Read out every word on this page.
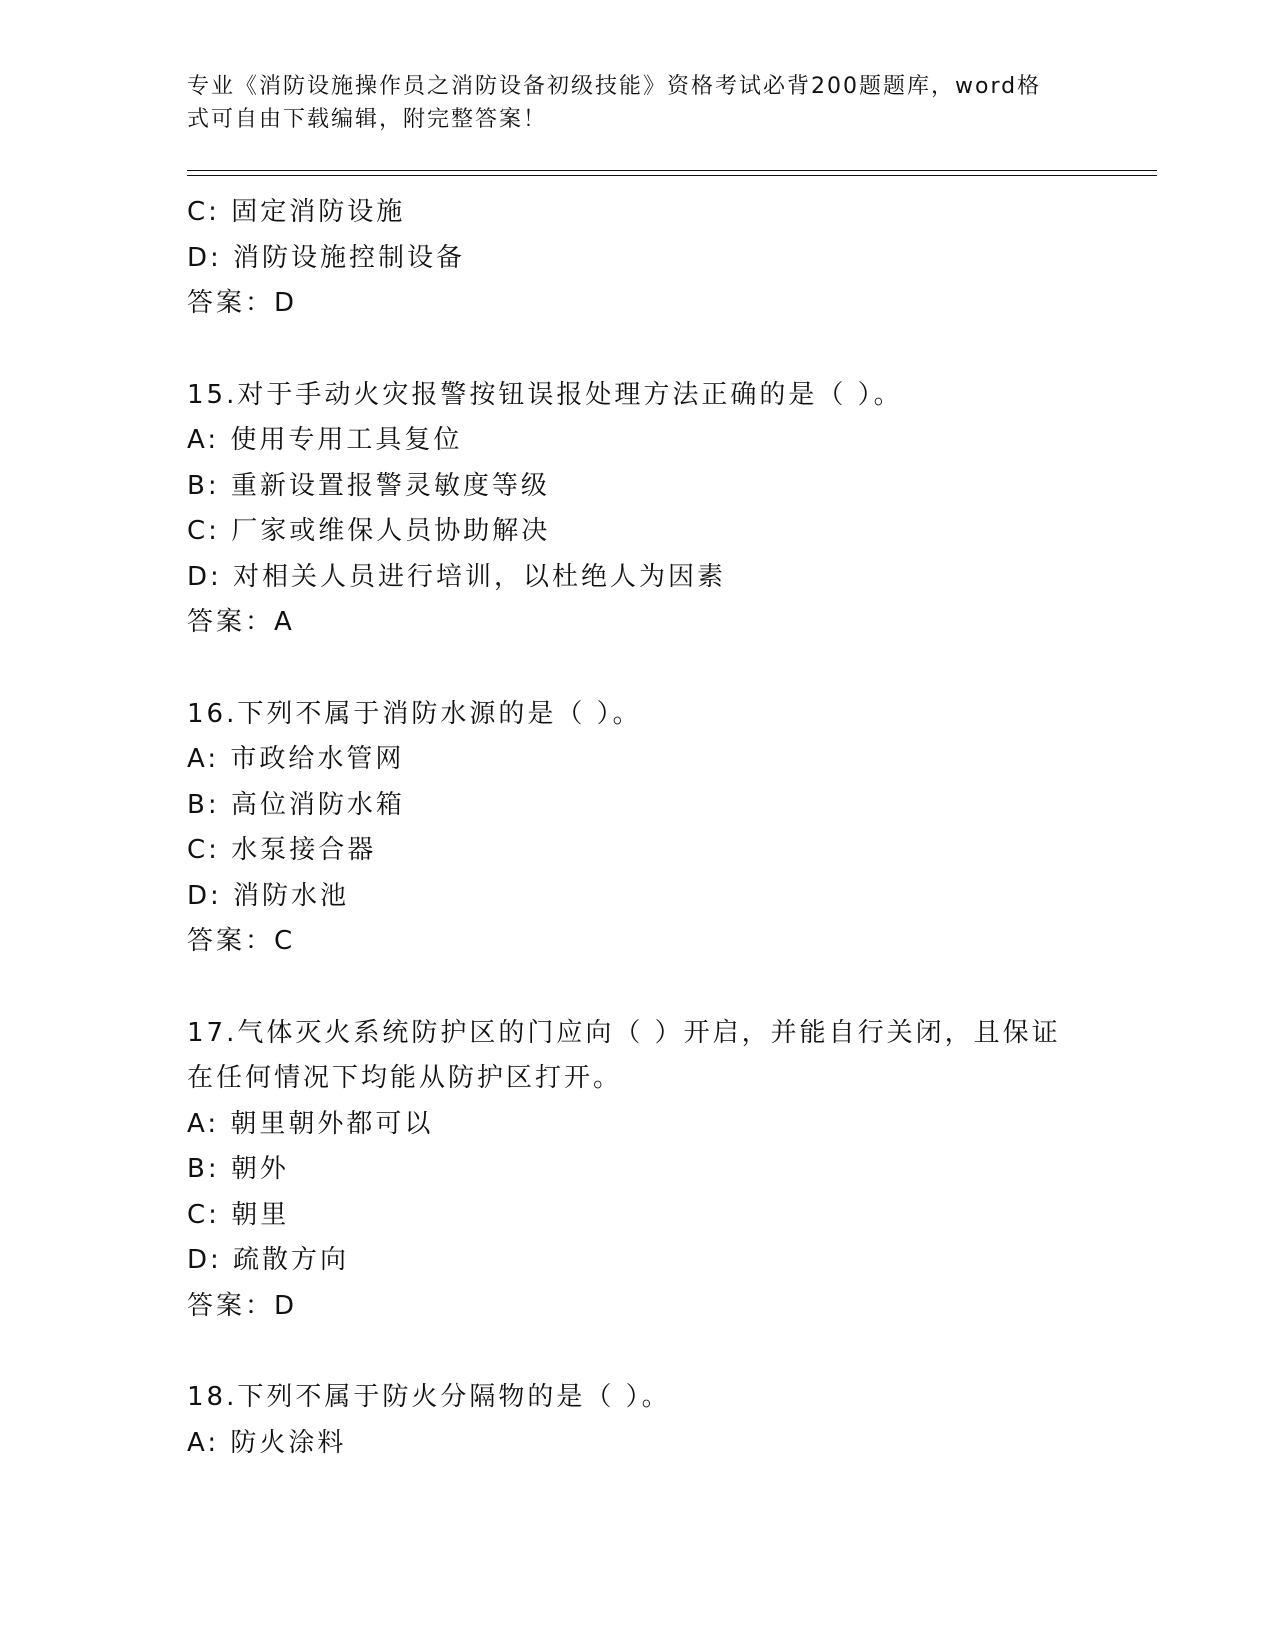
专业《消防设施操作员之消防设备初级技能》资格考试必背200题题库，word格
式可自由下载编辑，附完整答案！
C: 固定消防设施
D: 消防设施控制设备
答案：D
15.对于手动火灾报警按钮误报处理方法正确的是（ ）。
A: 使用专用工具复位
B: 重新设置报警灵敏度等级
C: 厂家或维保人员协助解决
D: 对相关人员进行培训，以杜绝人为因素
答案：A
16.下列不属于消防水源的是（ ）。
A: 市政给水管网
B: 高位消防水箱
C: 水泵接合器
D: 消防水池
答案：C
17.气体灭火系统防护区的门应向（ ）开启，并能自行关闭，且保证
在任何情况下均能从防护区打开。
A: 朝里朝外都可以
B: 朝外
C: 朝里
D: 疏散方向
答案：D
18.下列不属于防火分隔物的是（ ）。
A: 防火涂料
